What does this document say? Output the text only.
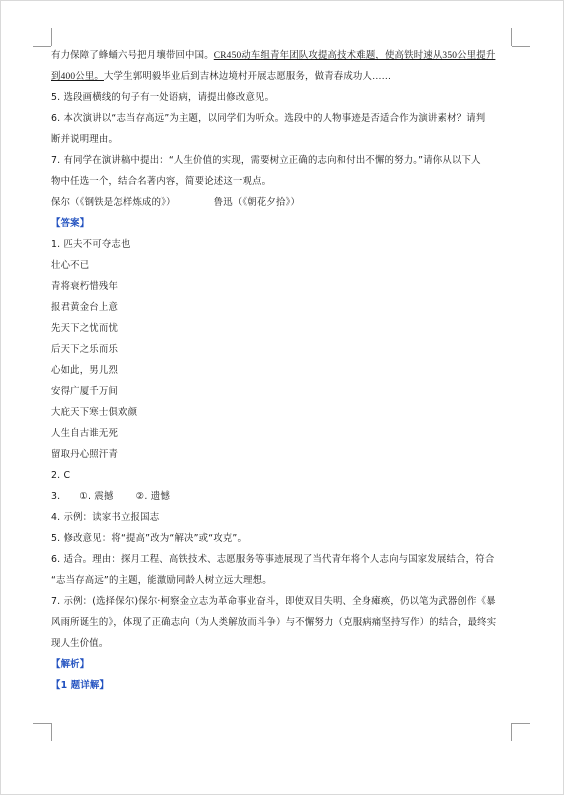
有力保障了蜂蛹六号把月壤带回中国。CR450动车组青年团队攻提高技术难题，使高铁时速从350公里提升

到400公里。大学生郭明毅毕业后到吉林边境村开展志愿服务，做青春成功人……

5. 选段画横线的句子有一处语病，请提出修改意见。

6. 本次演讲以“志当存高远”为主题，以同学们为听众。选段中的人物事迹是否适合作为演讲素材？请判

断并说明理由。

7. 有同学在演讲稿中提出：“人生价值的实现，需要树立正确的志向和付出不懈的努力。”请你从以下人

物中任选一个，结合名著内容，简要论述这一观点。

保尔（《钢铁是怎样炼成的》）	鲁迅（《朝花夕拾》）

【答案】

1. 匹夫不可夺志也

壮心不已

青将衰朽惜残年

报君黄金台上意

先天下之忧而忧

后天下之乐而乐

心如此，男儿烈

安得广厦千万间

大庇天下寒士俱欢颜

人生自古谁无死

留取丹心照汗青

2. C

3.      ①. 震撼       ②. 遗憾

4. 示例：读家书立报国志

5. 修改意见：将“提高”改为“解决”或“攻克”。

6. 适合。理由：探月工程、高铁技术、志愿服务等事迹展现了当代青年将个人志向与国家发展结合，符合

“志当存高远”的主题，能激励同龄人树立远大理想。

7. 示例：(选择保尔)保尔·柯察金立志为革命事业奋斗，即使双目失明、全身瘫痪，仍以笔为武器创作《暴

风雨所诞生的》，体现了正确志向（为人类解放而斗争）与不懈努力（克服病痛坚持写作）的结合，最终实

现人生价值。

【解析】

【1 题详解】
